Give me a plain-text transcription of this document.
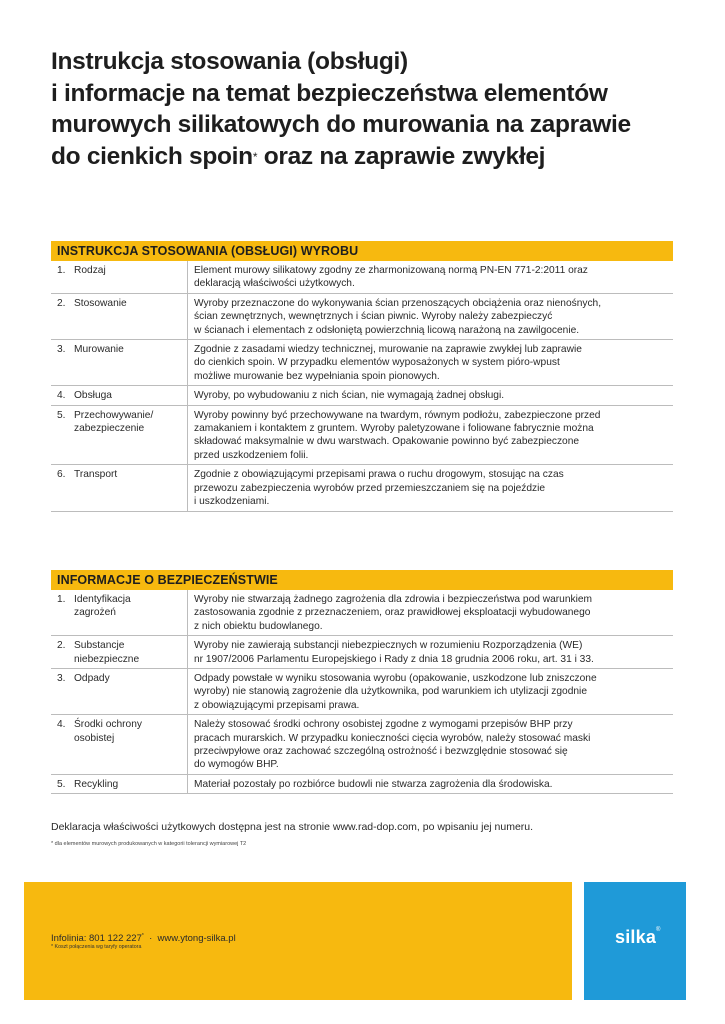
Instrukcja stosowania (obsługi)
i informacje na temat bezpieczeństwa elementów
murowych silikatowych do murowania na zaprawie
do cienkich spoin* oraz na zaprawie zwykłej
INSTRUKCJA STOSOWANIA (OBSŁUGI) WYROBU
1. Rodzaj	Element murowy silikatowy zgodny ze zharmonizowaną normą PN-EN 771-2:2011 oraz
deklaracją właściwości użytkowych.

2. Stosowanie	Wyroby przeznaczone do wykonywania ścian przenoszących obciążenia oraz nienośnych,
ścian zewnętrznych, wewnętrznych i ścian piwnic. Wyroby należy zabezpieczyć
w ścianach i elementach z odsłoniętą powierzchnią licową narażoną na zawilgocenie.

3. Murowanie	Zgodnie z zasadami wiedzy technicznej, murowanie na zaprawie zwykłej lub zaprawie
do cienkich spoin. W przypadku elementów wyposażonych w system pióro-wpust
możliwe murowanie bez wypełniania spoin pionowych.

4. Obsługa	Wyroby, po wybudowaniu z nich ścian, nie wymagają żadnej obsługi.

5. Przechowywanie/
zabezpieczenie	Wyroby powinny być przechowywane na twardym, równym podłożu, zabezpieczone przed
zamakaniem i kontaktem z gruntem. Wyroby paletyzowane i foliowane fabrycznie można
składować maksymalnie w dwu warstwach. Opakowanie powinno być zabezpieczone
przed uszkodzeniem folii.

6. Transport	Zgodnie z obowiązującymi przepisami prawa o ruchu drogowym, stosując na czas
przewozu zabezpieczenia wyrobów przed przemieszczaniem się na pojeździe
i uszkodzeniami.
INFORMACJE O BEZPIECZEŃSTWIE
1. Identyfikacja
zagrożeń	Wyroby nie stwarzają żadnego zagrożenia dla zdrowia i bezpieczeństwa pod warunkiem
zastosowania zgodnie z przeznaczeniem, oraz prawidłowej eksploatacji wybudowanego
z nich obiektu budowlanego.

2. Substancje
niebezpieczne	Wyroby nie zawierają substancji niebezpiecznych w rozumieniu Rozporządzenia (WE)
nr 1907/2006 Parlamentu Europejskiego i Rady z dnia 18 grudnia 2006 roku, art. 31 i 33.

3. Odpady	Odpady powstałe w wyniku stosowania wyrobu (opakowanie, uszkodzone lub zniszczone
wyroby) nie stanowią zagrożenie dla użytkownika, pod warunkiem ich utylizacji zgodnie
z obowiązującymi przepisami prawa.

4. Środki ochrony
osobistej	Należy stosować środki ochrony osobistej zgodne z wymogami przepisów BHP przy
pracach murarskich. W przypadku konieczności cięcia wyrobów, należy stosować maski
przeciwpyłowe oraz zachować szczególną ostrożność i bezwzględnie stosować się
do wymogów BHP.

5. Recykling	Materiał pozostały po rozbiórce budowli nie stwarza zagrożenia dla środowiska.
Deklaracja właściwości użytkowych dostępna jest na stronie www.rad-dop.com, po wpisaniu jej numeru.
* dla elementów murowych produkowanych w kategorii tolerancji wymiarowej T2
silka®
Infolinia: 801 122 227*  ·  www.ytong-silka.pl
* Koszt połączenia wg taryfy operatora
